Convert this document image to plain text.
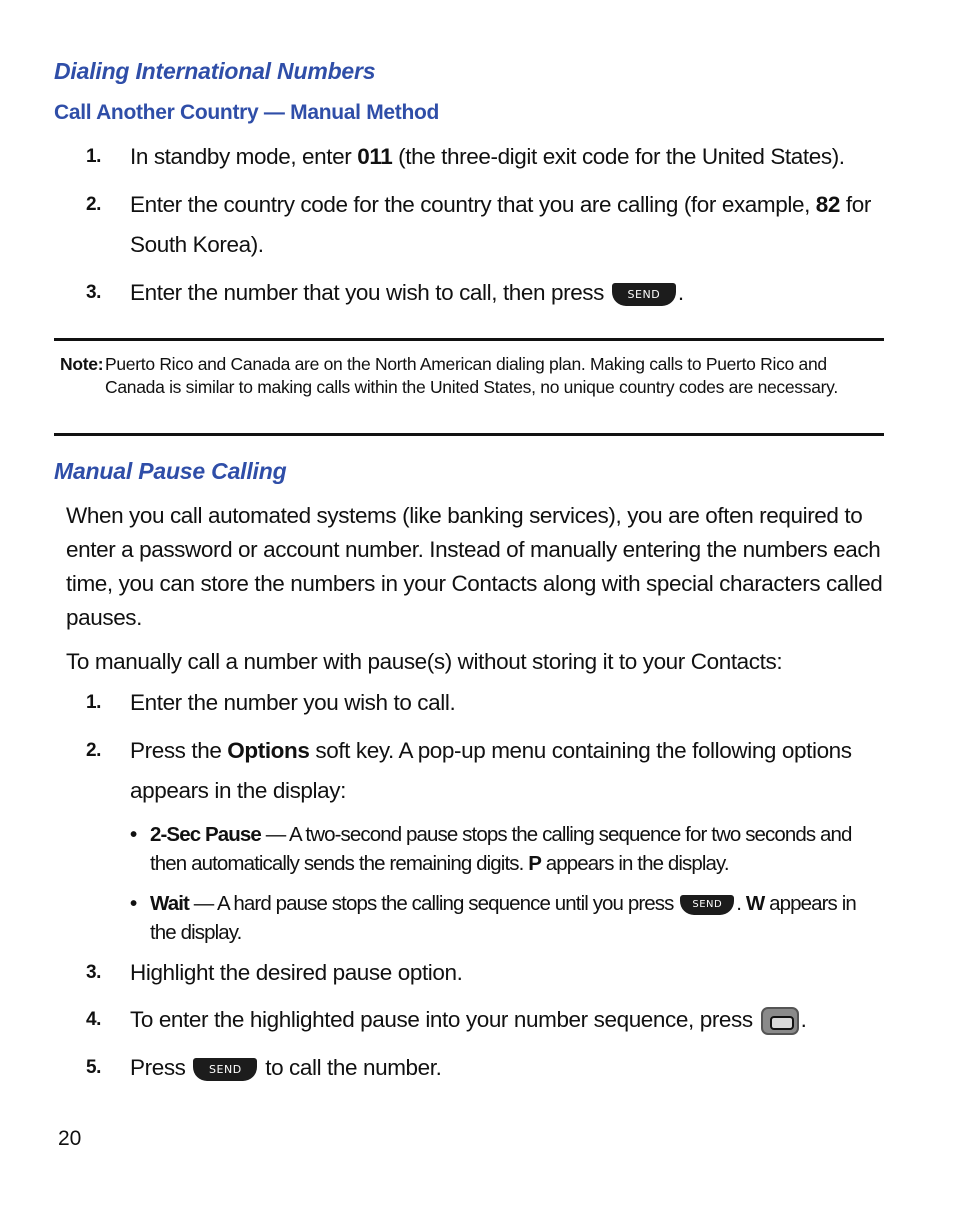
Dialing International Numbers
Call Another Country — Manual Method
1. In standby mode, enter 011 (the three-digit exit code for the United States).
2. Enter the country code for the country that you are calling (for example, 82 for South Korea).
3. Enter the number that you wish to call, then press SEND .
Note: Puerto Rico and Canada are on the North American dialing plan. Making calls to Puerto Rico and Canada is similar to making calls within the United States, no unique country codes are necessary.
Manual Pause Calling
When you call automated systems (like banking services), you are often required to enter a password or account number. Instead of manually entering the numbers each time, you can store the numbers in your Contacts along with special characters called pauses.
To manually call a number with pause(s) without storing it to your Contacts:
1. Enter the number you wish to call.
2. Press the Options soft key. A pop-up menu containing the following options appears in the display:
• 2-Sec Pause — A two-second pause stops the calling sequence for two seconds and then automatically sends the remaining digits. P appears in the display.
• Wait — A hard pause stops the calling sequence until you press SEND . W appears in the display.
3. Highlight the desired pause option.
4. To enter the highlighted pause into your number sequence, press .
5. Press SEND to call the number.
20
